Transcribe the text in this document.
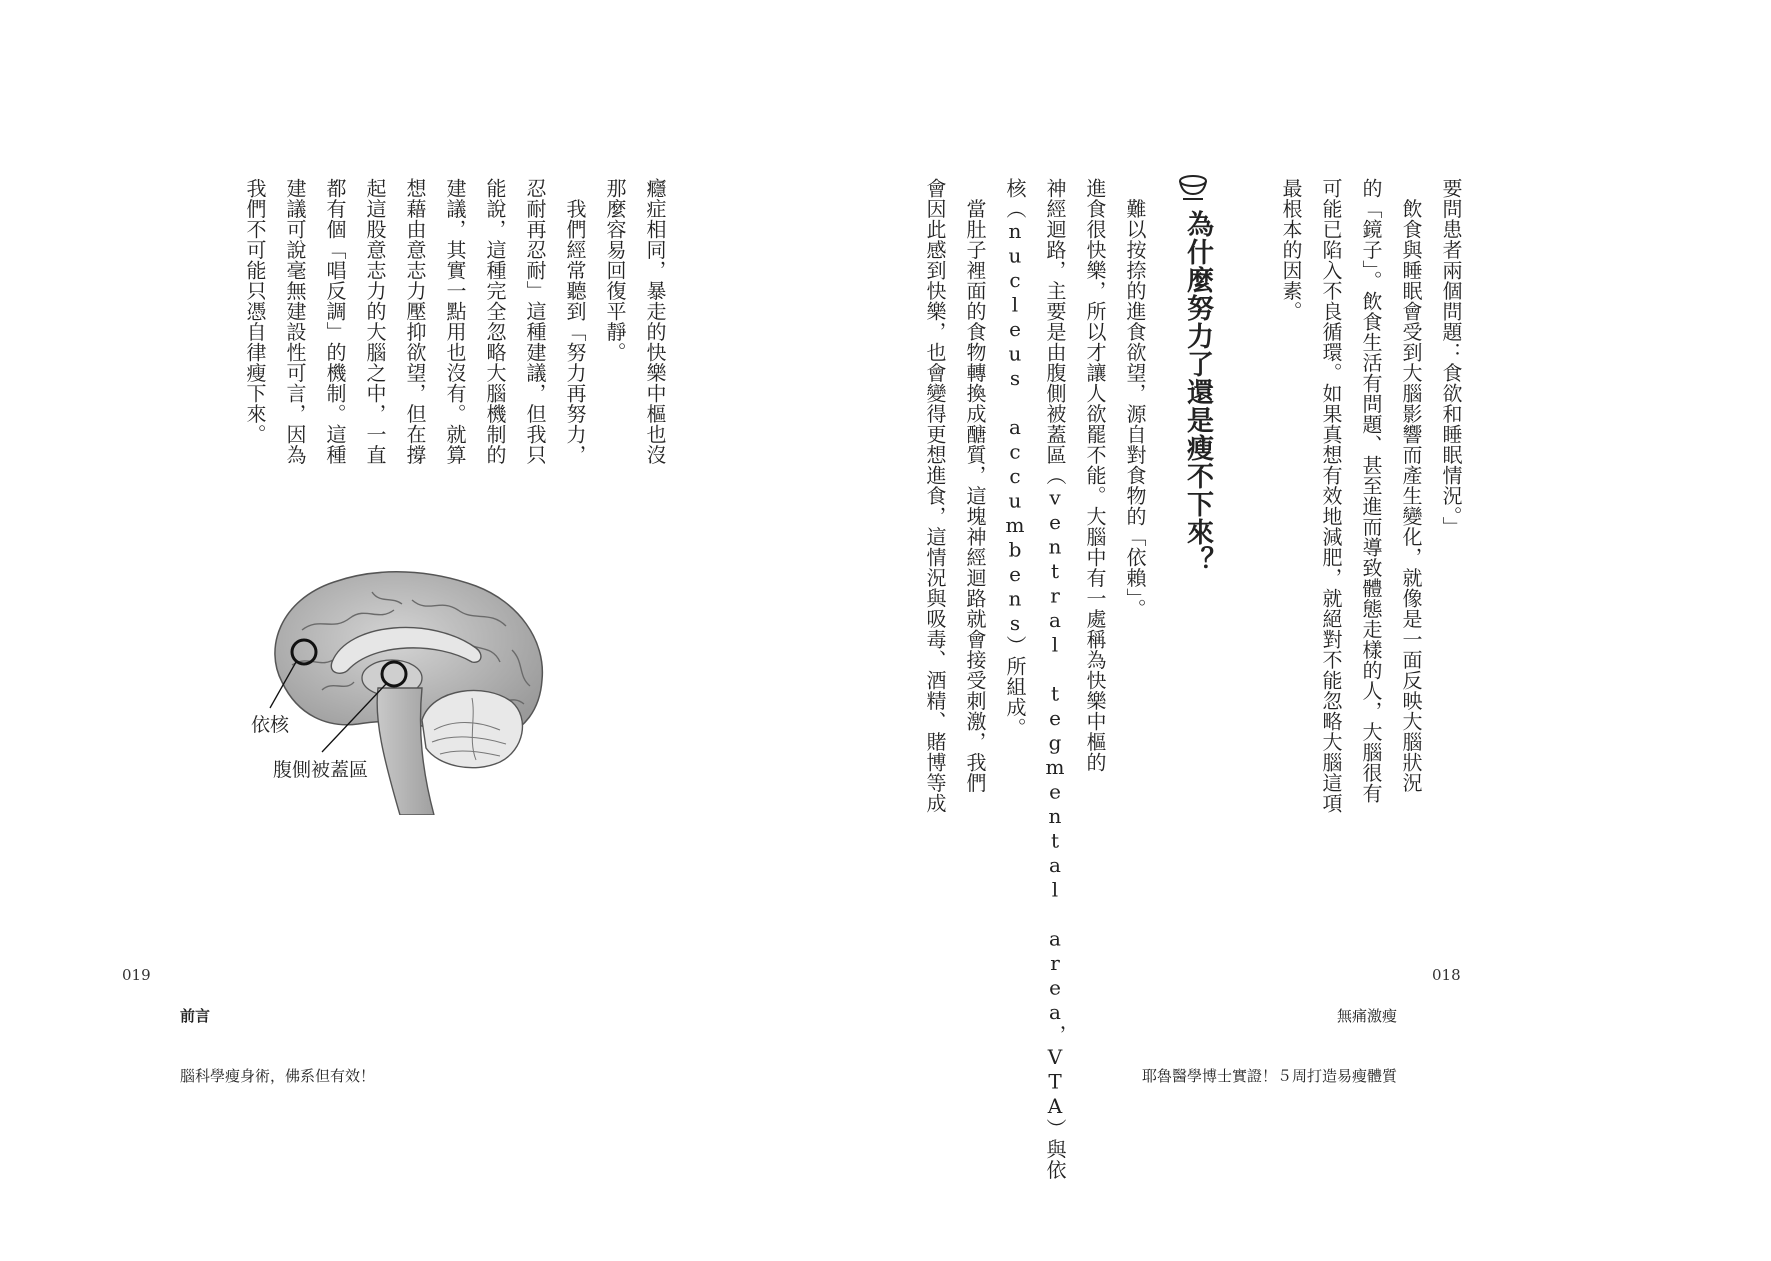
要問患者兩個問題：食欲和睡眠情況。」
　飲食與睡眠會受到大腦影響而產生變化，就像是一面反映大腦狀況
的「鏡子」。飲食生活有問題、甚至進而導致體態走樣的人，大腦很有
可能已陷入不良循環。如果真想有效地減肥，就絕對不能忽略大腦這項
最根本的因素。
為什麼努力了還是瘦不下來？
　難以按捺的進食欲望，源自對食物的「依賴」。
進食很快樂，所以才讓人欲罷不能。大腦中有一處稱為快樂中樞的
神經迴路，主要是由腹側被蓋區（ventral tegmental area，VTA）與依
核（nucleus accumbens）所組成。
　當肚子裡面的食物轉換成醣質，這塊神經迴路就會接受刺激，我們
會因此感到快樂，也會變得更想進食，這情況與吸毒、酒精、賭博等成
018

無痛激瘦

耶魯醫學博士實證！５周打造易瘦體質

癮症相同，暴走的快樂中樞也沒
那麼容易回復平靜。
　我們經常聽到「努力再努力，
忍耐再忍耐」這種建議，但我只
能說，這種完全忽略大腦機制的
建議，其實一點用也沒有。就算
想藉由意志力壓抑欲望，但在撐
起這股意志力的大腦之中，一直
都有個「唱反調」的機制。這種
建議可說毫無建設性可言，因為
我們不可能只憑自律瘦下來。
依核
腹側被蓋區
019

前言

腦科學瘦身術，佛系但有效！
